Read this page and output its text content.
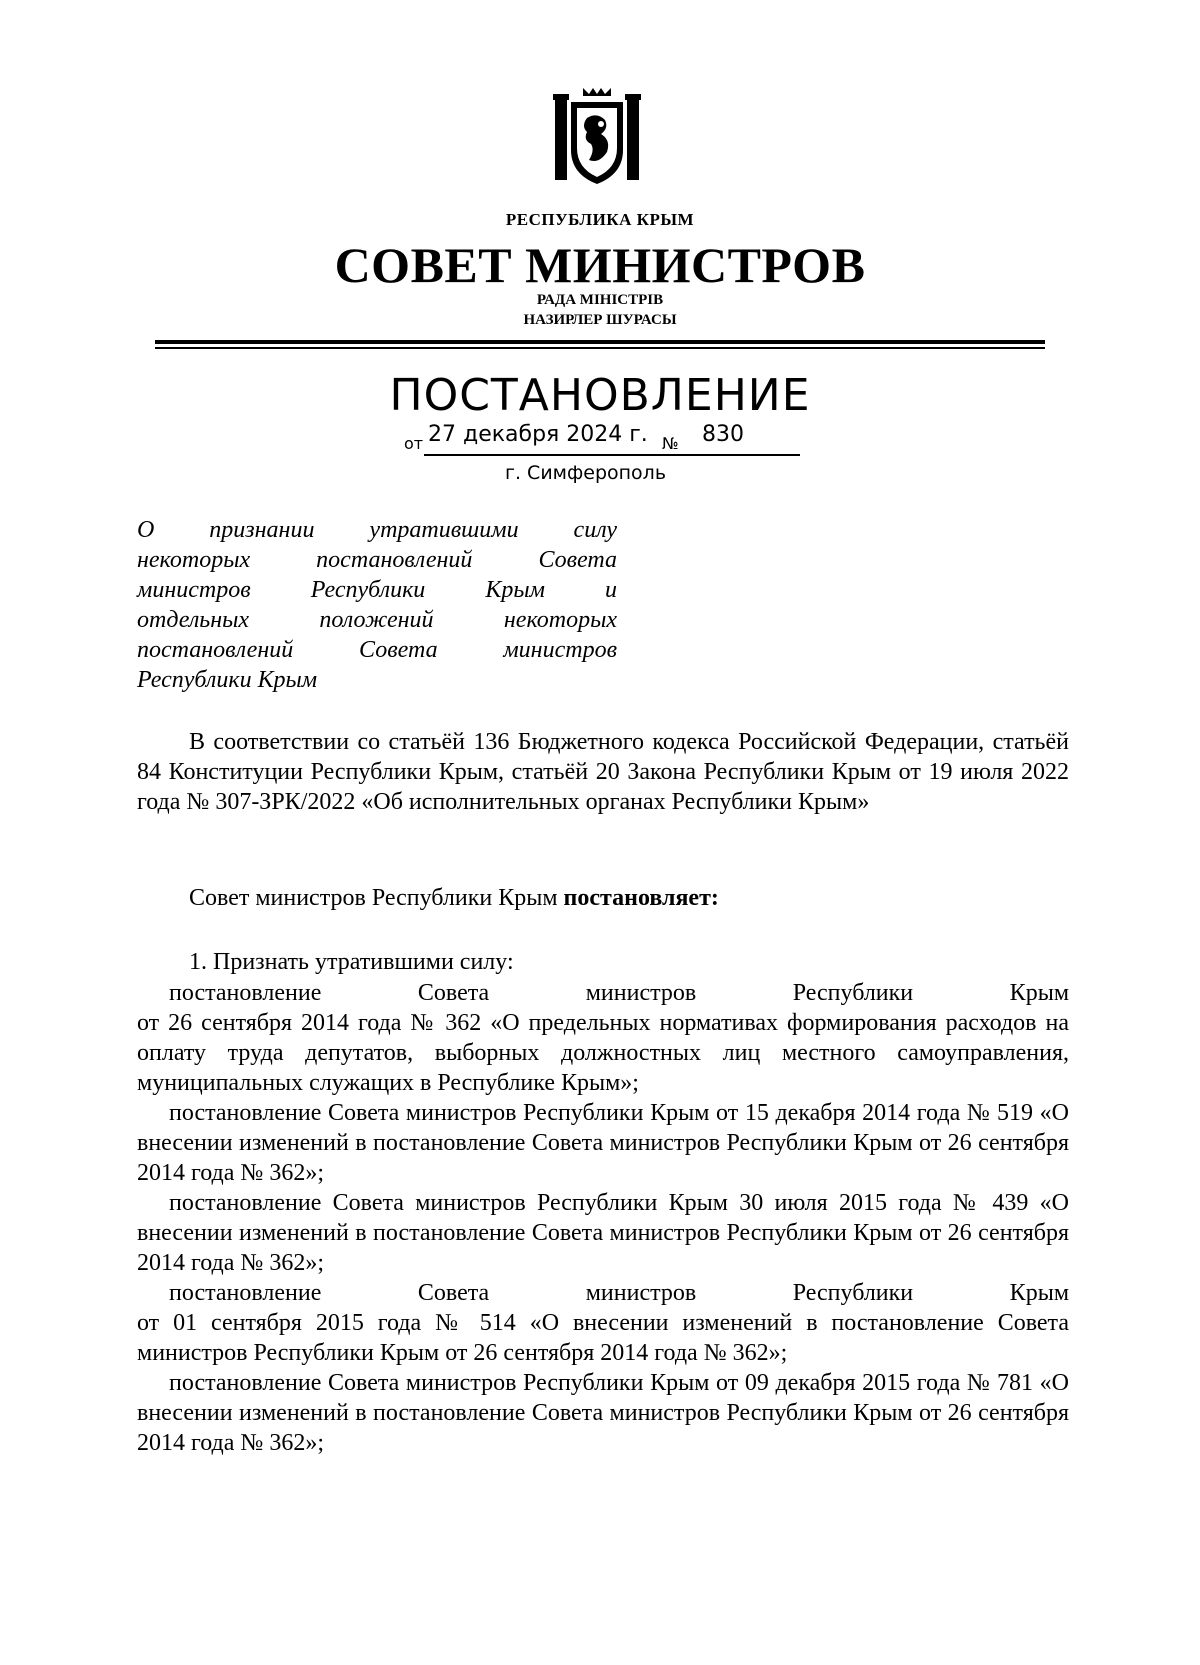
РЕСПУБЛИКА КРЫМ
СОВЕТ МИНИСТРОВ
РАДА МІНІСТРІВ
НАЗИРЛЕР ШУРАСЫ
ПОСТАНОВЛЕНИЕ
от 27 декабря 2024 г. № 830
г. Симферополь
О признании утратившими силу
некоторых постановлений Совета
министров Республики Крым и
отдельных положений некоторых
постановлений Совета министров
Республики Крым
В соответствии со статьёй 136 Бюджетного кодекса Российской Федерации, статьёй 84 Конституции Республики Крым, статьёй 20 Закона Республики Крым от 19 июля 2022 года № 307-ЗРК/2022 «Об исполнительных органах Республики Крым»
Совет министров Республики Крым постановляет:
1. Признать утратившими силу:

постановление Совета министров Республики Крым

от 26 сентября 2014 года № 362 «О предельных нормативах формирования расходов на оплату труда депутатов, выборных должностных лиц местного самоуправления, муниципальных служащих в Республике Крым»;

постановление Совета министров Республики Крым от 15 декабря 2014 года № 519 «О внесении изменений в постановление Совета министров Республики Крым от 26 сентября 2014 года № 362»;

постановление Совета министров Республики Крым 30 июля 2015 года № 439 «О внесении изменений в постановление Совета министров Республики Крым от 26 сентября 2014 года № 362»;

постановление Совета министров Республики Крым

от 01 сентября 2015 года № 514 «О внесении изменений в постановление Совета министров Республики Крым от 26 сентября 2014 года № 362»;

постановление Совета министров Республики Крым от 09 декабря 2015 года № 781 «О внесении изменений в постановление Совета министров Республики Крым от 26 сентября 2014 года № 362»;
